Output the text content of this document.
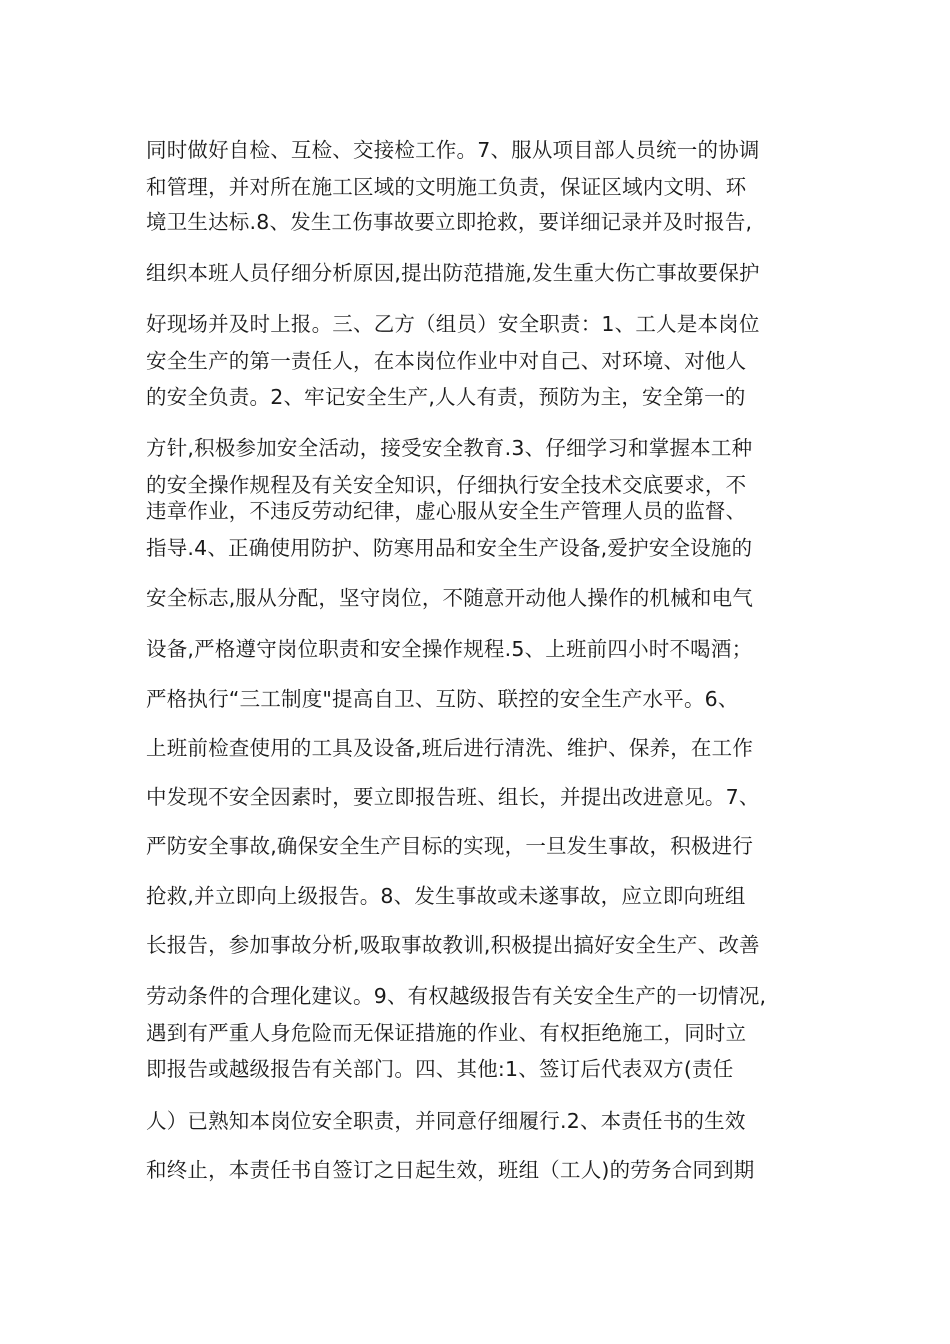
同时做好自检、互检、交接检工作。7、服从项目部人员统一的协调
和管理，并对所在施工区域的文明施工负责，保证区域内文明、环
境卫生达标.8、发生工伤事故要立即抢救，要详细记录并及时报告,
组织本班人员仔细分析原因,提出防范措施,发生重大伤亡事故要保护
好现场并及时上报。三、乙方（组员）安全职责：1、工人是本岗位
安全生产的第一责任人，在本岗位作业中对自己、对环境、对他人
的安全负责。2、牢记安全生产,人人有责，预防为主，安全第一的
方针,积极参加安全活动，接受安全教育.3、仔细学习和掌握本工种
的安全操作规程及有关安全知识，仔细执行安全技术交底要求，不
违章作业，不违反劳动纪律，虚心服从安全生产管理人员的监督、
指导.4、正确使用防护、防寒用品和安全生产设备,爱护安全设施的
安全标志,服从分配，坚守岗位，不随意开动他人操作的机械和电气
设备,严格遵守岗位职责和安全操作规程.5、上班前四小时不喝酒；
严格执行“三工制度"提高自卫、互防、联控的安全生产水平。6、
上班前检查使用的工具及设备,班后进行清洗、维护、保养，在工作
中发现不安全因素时，要立即报告班、组长，并提出改进意见。7、
严防安全事故,确保安全生产目标的实现，一旦发生事故，积极进行
抢救,并立即向上级报告。8、发生事故或未遂事故，应立即向班组
长报告，参加事故分析,吸取事故教训,积极提出搞好安全生产、改善
劳动条件的合理化建议。9、有权越级报告有关安全生产的一切情况,
遇到有严重人身危险而无保证措施的作业、有权拒绝施工，同时立
即报告或越级报告有关部门。四、其他:1、签订后代表双方(责任
人）已熟知本岗位安全职责，并同意仔细履行.2、本责任书的生效
和终止，本责任书自签订之日起生效，班组（工人)的劳务合同到期
